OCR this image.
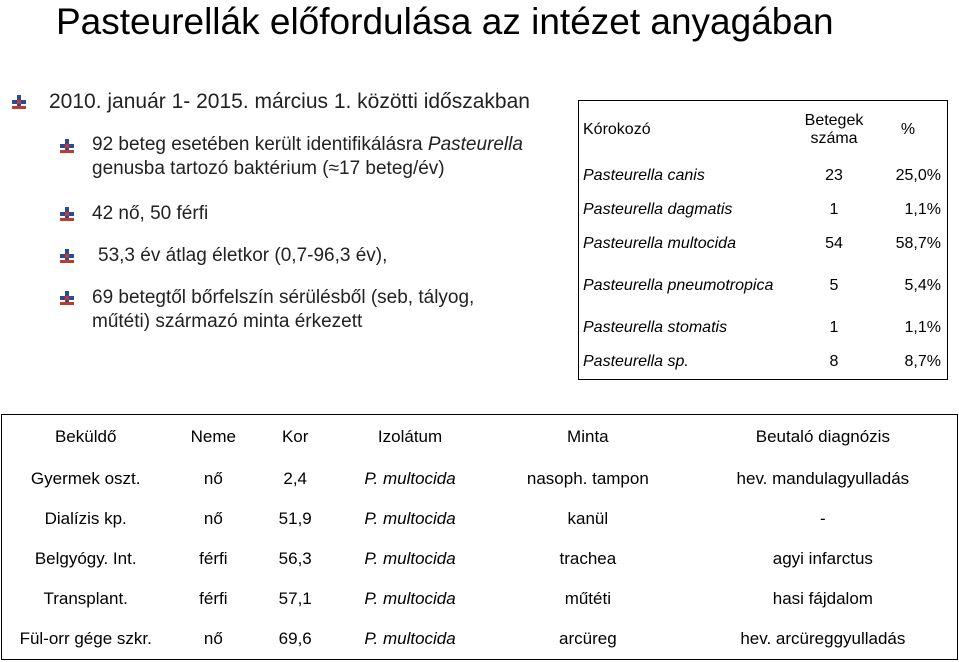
Pasteurellák előfordulása az intézet anyagában
2010. január 1- 2015. március 1. közötti időszakban
92 beteg esetében került identifikálásra Pasteurella
genusba tartozó baktérium (≈17 beteg/év)
42 nő, 50 férfi
53,3 év átlag életkor (0,7-96,3 év),
69 betegtől bőrfelszín sérülésből (seb, tályog, műtéti) származó minta érkezett
Kórokozó	Betegek száma	%
Pasteurella canis	23	25,0%
Pasteurella dagmatis	1	1,1%
Pasteurella multocida	54	58,7%
Pasteurella pneumotropica	5	5,4%
Pasteurella stomatis	1	1,1%
Pasteurella sp.	8	8,7%
Beküldő	Neme	Kor	Izolátum	Minta	Beutaló diagnózis
Gyermek oszt.	nő	2,4	P. multocida	nasoph. tampon	hev. mandulagyulladás
Dialízis kp.	nő	51,9	P. multocida	kanül	-
Belgyógy. Int.	férfi	56,3	P. multocida	trachea	agyi infarctus
Transplant.	férfi	57,1	P. multocida	műtéti	hasi fájdalom
Fül-orr gége szkr.	nő	69,6	P. multocida	arcüreg	hev. arcüreggyulladás
